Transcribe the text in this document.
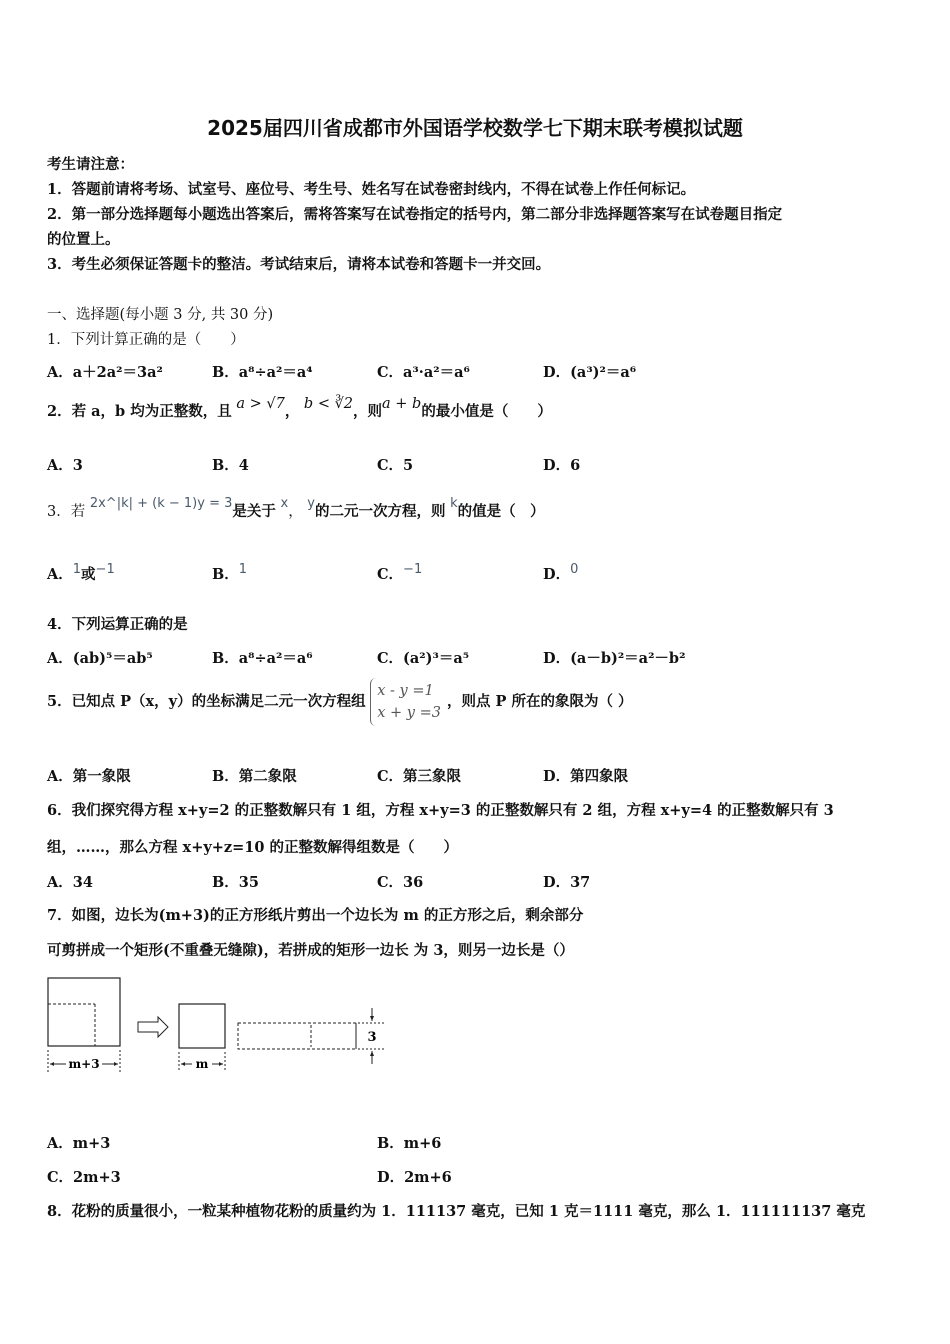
2025届四川省成都市外国语学校数学七下期末联考模拟试题
考生请注意：
1．答题前请将考场、试室号、座位号、考生号、姓名写在试卷密封线内，不得在试卷上作任何标记。
2．第一部分选择题每小题选出答案后，需将答案写在试卷指定的括号内，第二部分非选择题答案写在试卷题目指定
的位置上。
3．考生必须保证答题卡的整洁。考试结束后，请将本试卷和答题卡一并交回。
一、选择题(每小题 3 分, 共 30 分)
1．下列计算正确的是（　　）
A．a＋2a²＝3a²	B．a⁸÷a²＝a⁴	C．a³·a²＝a⁶	D．(a³)²＝a⁶
2．若 a，b 均为正整数，且 a > √7， b < ∛2，则a + b的最小值是（　　）
A．3	B．4	C．5	D．6
3．若 2x^|k| + (k − 1)y = 3是关于 x， y的二元一次方程，则 k的值是（　）
A．1或−1	B．1	C．−1	D．0
4．下列运算正确的是
A．(ab)⁵＝ab⁵	B．a⁸÷a²＝a⁶	C．(a²)³＝a⁵	D．(a－b)²＝a²－b²
5．已知点 P（x，y）的坐标满足二元一次方程组
x - y =1
x + y =3
，则点 P 所在的象限为（ ）
A．第一象限	B．第二象限	C．第三象限	D．第四象限
6．我们探究得方程 x+y=2 的正整数解只有 1 组，方程 x+y=3 的正整数解只有 2 组，方程 x+y=4 的正整数解只有 3
组，……，那么方程 x+y+z=10 的正整数解得组数是（　　）
A．34	B．35	C．36	D．37
7．如图，边长为(m+3)的正方形纸片剪出一个边长为 m 的正方形之后，剩余部分
可剪拼成一个矩形(不重叠无缝隙)，若拼成的矩形一边长 为 3，则另一边长是（）
m+3	m
3
A．m+3	B．m+6
C．2m+3	D．2m+6
8．花粉的质量很小，一粒某种植物花粉的质量约为 1．111137 毫克，已知 1 克＝1111 毫克，那么 1．111111137 毫克
